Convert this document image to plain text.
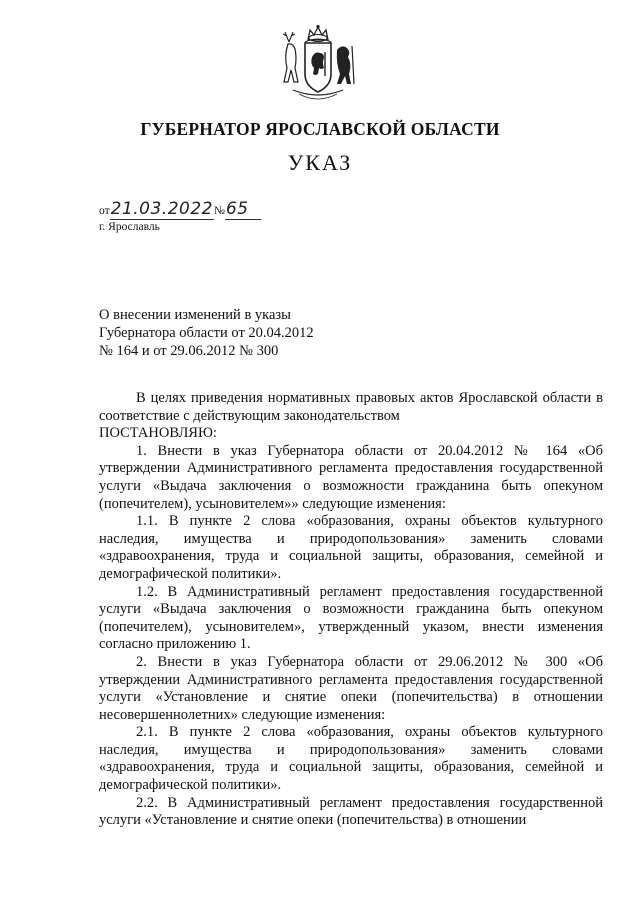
ГУБЕРНАТОР ЯРОСЛАВСКОЙ ОБЛАСТИ
УКАЗ
от21.03.2022№65
г. Ярославль
О внесении изменений в указы
Губернатора области от 20.04.2012
№ 164 и от 29.06.2012 № 300

В целях приведения нормативных правовых актов Ярославской области в соответствие с действующим законодательством

ПОСТАНОВЛЯЮ:

1. Внести в указ Губернатора области от 20.04.2012 № 164 «Об утверждении Административного регламента предоставления государственной услуги «Выдача заключения о возможности гражданина быть опекуном (попечителем), усыновителем»» следующие изменения:

1.1. В пункте 2 слова «образования, охраны объектов культурного наследия, имущества и природопользования» заменить словами «здравоохранения, труда и социальной защиты, образования, семейной и демографической политики».

1.2. В Административный регламент предоставления государственной услуги «Выдача заключения о возможности гражданина быть опекуном (попечителем), усыновителем», утвержденный указом, внести изменения согласно приложению 1.

2. Внести в указ Губернатора области от 29.06.2012 № 300 «Об утверждении Административного регламента предоставления государственной услуги «Установление и снятие опеки (попечительства) в отношении несовершеннолетних» следующие изменения:

2.1. В пункте 2 слова «образования, охраны объектов культурного наследия, имущества и природопользования» заменить словами «здравоохранения, труда и социальной защиты, образования, семейной и демографической политики».

2.2. В Административный регламент предоставления государственной услуги «Установление и снятие опеки (попечительства) в отношении
